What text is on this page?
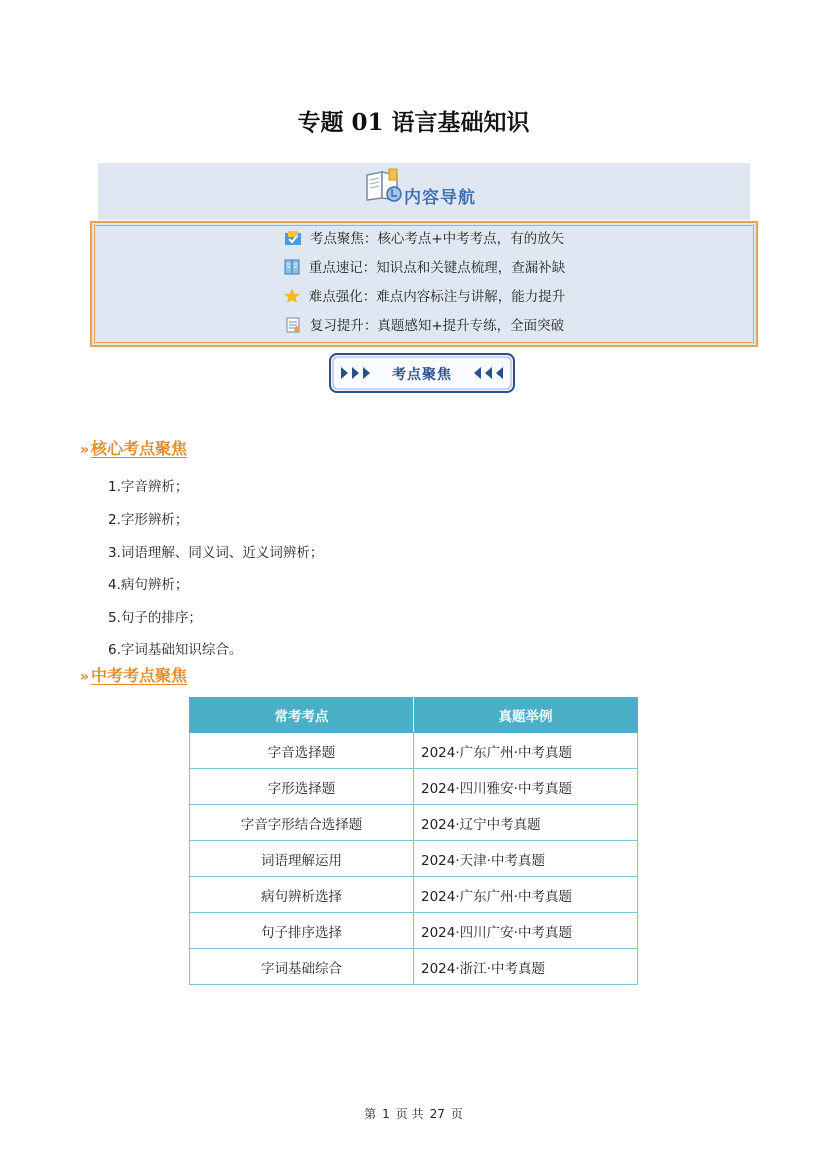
专题 01 语言基础知识
内容导航
考点聚焦：核心考点+中考考点，有的放矢
重点速记：知识点和关键点梳理，查漏补缺
难点强化：难点内容标注与讲解，能力提升
复习提升：真题感知+提升专练，全面突破
考点聚焦
» 核心考点聚焦
1.字音辨析；
2.字形辨析；
3.词语理解、同义词、近义词辨析；
4.病句辨析；
5.句子的排序；
6.字词基础知识综合。
» 中考考点聚焦
常考考点	真题举例
字音选择题	2024·广东广州·中考真题
字形选择题	2024·四川雅安·中考真题
字音字形结合选择题	2024·辽宁中考真题
词语理解运用	2024·天津·中考真题
病句辨析选择	2024·广东广州·中考真题
句子排序选择	2024·四川广安·中考真题
字词基础综合	2024·浙江·中考真题
第 1 页 共 27 页
